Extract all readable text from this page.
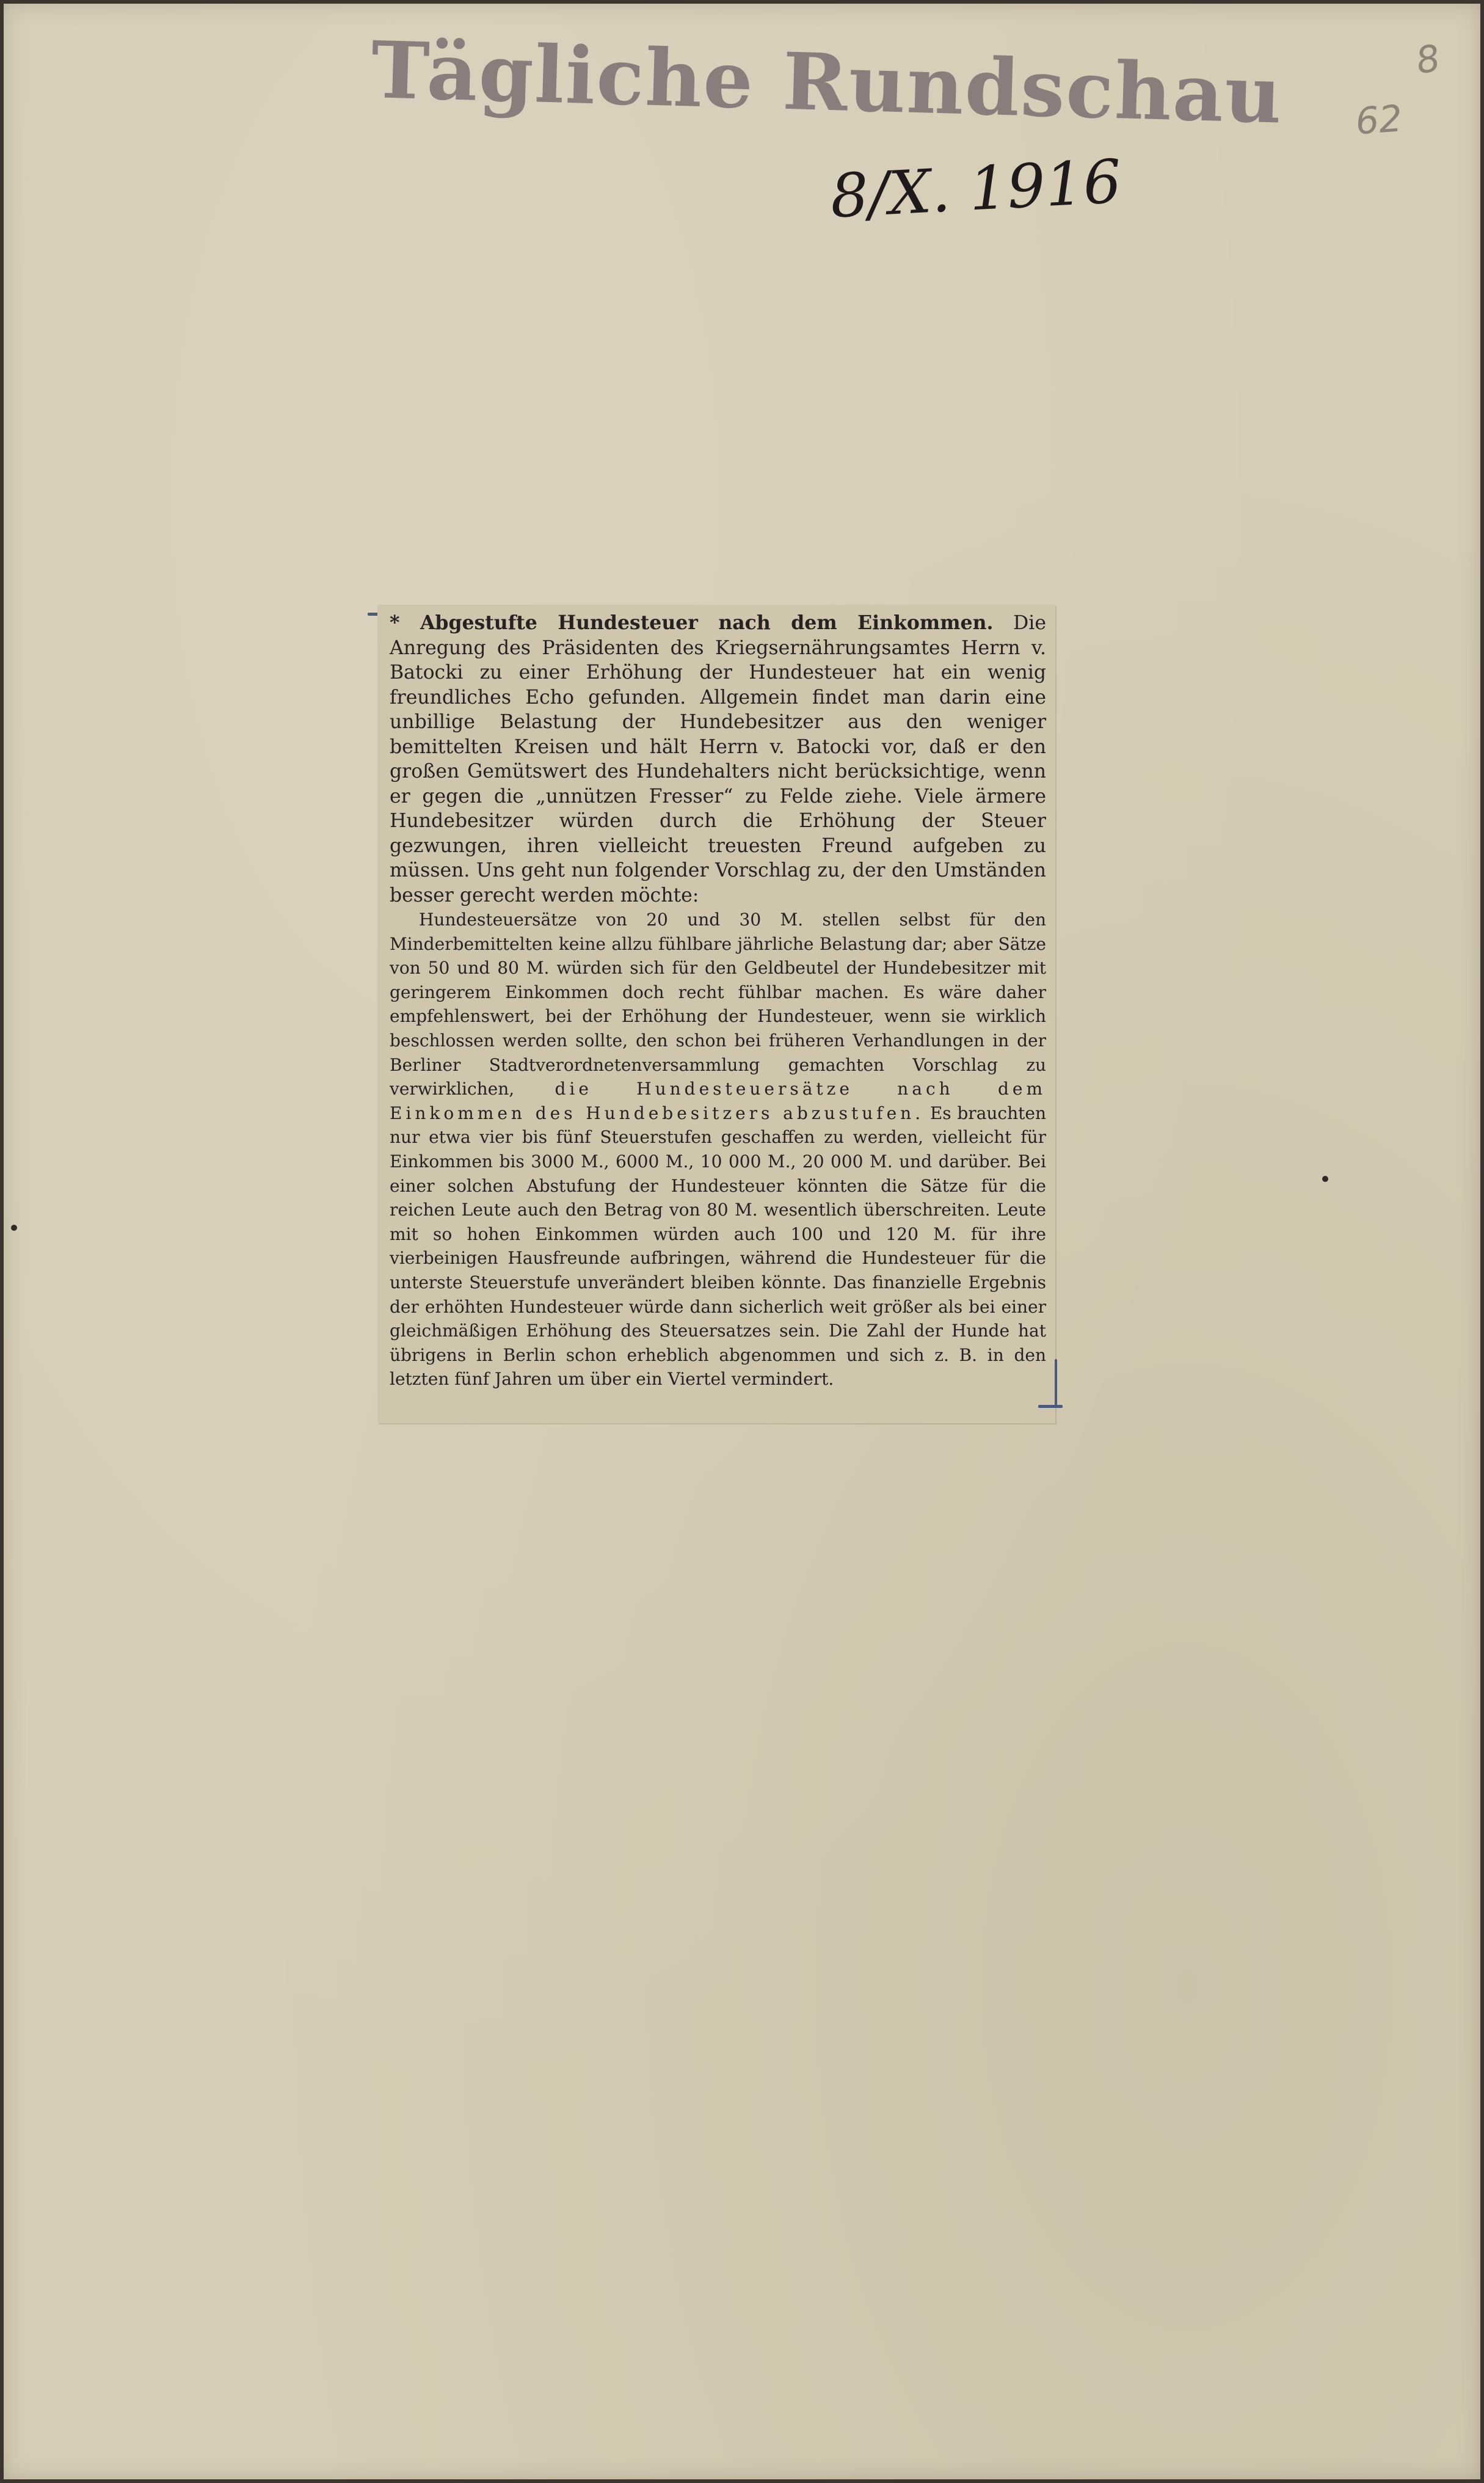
Tägliche Rundschau
8/X. 1916
8
62

* Abgestufte Hundesteuer nach dem Einkommen. Die Anregung des Präsidenten des Kriegsernährungsamtes Herrn v. Batocki zu einer Erhöhung der Hundesteuer hat ein wenig freundliches Echo gefunden. Allgemein findet man darin eine unbillige Belastung der Hundebesitzer aus den weniger bemittelten Kreisen und hält Herrn v. Batocki vor, daß er den großen Gemütswert des Hundehalters nicht berücksichtige, wenn er gegen die „unnützen Fresser“ zu Felde ziehe. Viele ärmere Hundebesitzer würden durch die Erhöhung der Steuer gezwungen, ihren vielleicht treuesten Freund aufgeben zu müssen. Uns geht nun folgender Vorschlag zu, der den Umständen besser gerecht werden möchte:

Hundesteuersätze von 20 und 30 M. stellen selbst für den Minderbemittelten keine allzu fühlbare jährliche Belastung dar; aber Sätze von 50 und 80 M. würden sich für den Geldbeutel der Hundebesitzer mit geringerem Einkommen doch recht fühlbar machen. Es wäre daher empfehlenswert, bei der Erhöhung der Hundesteuer, wenn sie wirklich beschlossen werden sollte, den schon bei früheren Verhandlungen in der Berliner Stadtverordnetenversammlung gemachten Vorschlag zu verwirklichen, die Hundesteuersätze nach dem Einkommen des Hundebesitzers abzustufen. Es brauchten nur etwa vier bis fünf Steuerstufen geschaffen zu werden, vielleicht für Einkommen bis 3000 M., 6000 M., 10 000 M., 20 000 M. und darüber. Bei einer solchen Abstufung der Hundesteuer könnten die Sätze für die reichen Leute auch den Betrag von 80 M. wesentlich überschreiten. Leute mit so hohen Einkommen würden auch 100 und 120 M. für ihre vierbeinigen Hausfreunde aufbringen, während die Hundesteuer für die unterste Steuerstufe unverändert bleiben könnte. Das finanzielle Ergebnis der erhöhten Hundesteuer würde dann sicherlich weit größer als bei einer gleichmäßigen Erhöhung des Steuersatzes sein. Die Zahl der Hunde hat übrigens in Berlin schon erheblich abgenommen und sich z. B. in den letzten fünf Jahren um über ein Viertel vermindert.
